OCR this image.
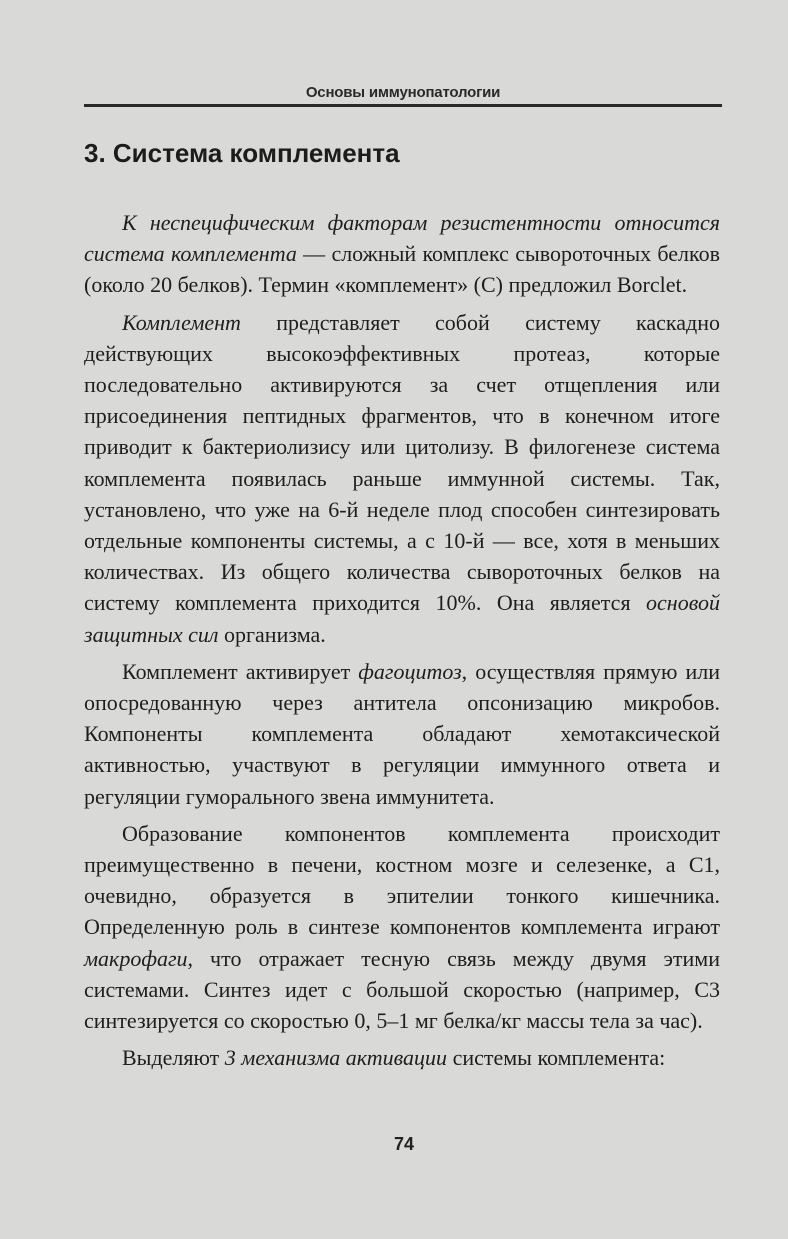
Основы иммунопатологии
3. Система комплемента

К неспецифическим факторам резистентности относится система комплемента — сложный комплекс сывороточных белков (около 20 белков). Термин «комплемент» (С) предложил Borclet.

Комплемент представляет собой систему каскадно действующих высокоэффективных протеаз, которые последовательно активируются за счет отщепления или присоединения пептидных фрагментов, что в конечном итоге приводит к бактериолизису или цитолизу. В филогенезе система комплемента появилась раньше иммунной системы. Так, установлено, что уже на 6-й неделе плод способен синтезировать отдельные компоненты системы, а с 10-й — все, хотя в меньших количествах. Из общего количества сывороточных белков на систему комплемента приходится 10%. Она является основой защитных сил организма.

Комплемент активирует фагоцитоз, осуществляя прямую или опосредованную через антитела опсонизацию микробов. Компоненты комплемента обладают хемотаксической активностью, участвуют в регуляции иммунного ответа и регуляции гуморального звена иммунитета.

Образование компонентов комплемента происходит преимущественно в печени, костном мозге и селезенке, а С1, очевидно, образуется в эпителии тонкого кишечника. Определенную роль в синтезе компонентов комплемента играют макрофаги, что отражает тесную связь между двумя этими системами. Синтез идет с большой скоростью (например, С3 синтезируется со скоростью 0, 5–1 мг белка/кг массы тела за час).

Выделяют 3 механизма активации системы комплемента:

74
